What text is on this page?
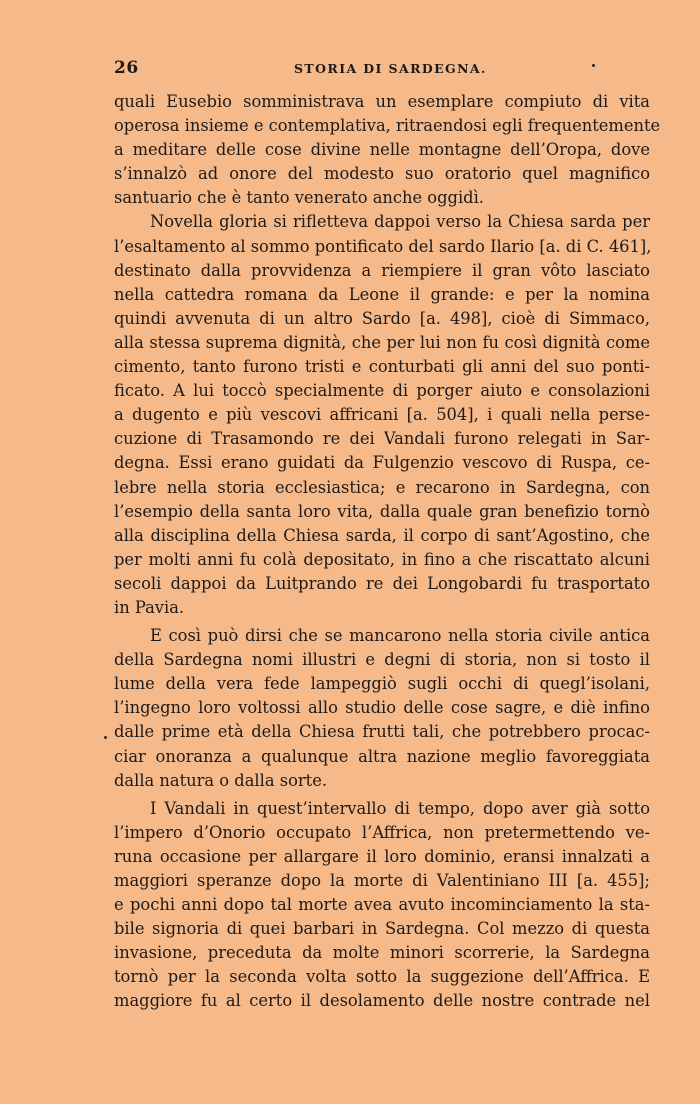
26	STORIA DI SARDEGNA.
quali Eusebio somministrava un esemplare compiuto di vita
operosa insieme e contemplativa, ritraendosi egli frequentemente
a meditare delle cose divine nelle montagne dell’Oropa, dove
s’innalzò ad onore del modesto suo oratorio quel magnifico
santuario che è tanto venerato anche oggidì.
Novella gloria si rifletteva dappoi verso la Chiesa sarda per
l’esaltamento al sommo pontificato del sardo Ilario [a. di C. 461],
destinato dalla provvidenza a riempiere il gran vôto lasciato
nella cattedra romana da Leone il grande: e per la nomina
quindi avvenuta di un altro Sardo [a. 498], cioè di Simmaco,
alla stessa suprema dignità, che per lui non fu così dignità come
cimento, tanto furono tristi e conturbati gli anni del suo ponti-
ficato. A lui toccò specialmente di porger aiuto e consolazioni
a dugento e più vescovi affricani [a. 504], i quali nella perse-
cuzione di Trasamondo re dei Vandali furono relegati in Sar-
degna. Essi erano guidati da Fulgenzio vescovo di Ruspa, ce-
lebre nella storia ecclesiastica; e recarono in Sardegna, con
l’esempio della santa loro vita, dalla quale gran benefizio tornò
alla disciplina della Chiesa sarda, il corpo di sant’Agostino, che
per molti anni fu colà depositato, in fino a che riscattato alcuni
secoli dappoi da Luitprando re dei Longobardi fu trasportato
in Pavia.
E così può dirsi che se mancarono nella storia civile antica
della Sardegna nomi illustri e degni di storia, non si tosto il
lume della vera fede lampeggiò sugli occhi di quegl’isolani,
l’ingegno loro voltossi allo studio delle cose sagre, e diè infino
dalle prime età della Chiesa frutti tali, che potrebbero procac-
ciar onoranza a qualunque altra nazione meglio favoreggiata
dalla natura o dalla sorte.
I Vandali in quest’intervallo di tempo, dopo aver già sotto
l’impero d’Onorio occupato l’Affrica, non pretermettendo ve-
runa occasione per allargare il loro dominio, eransi innalzati a
maggiori speranze dopo la morte di Valentiniano III [a. 455];
e pochi anni dopo tal morte avea avuto incominciamento la sta-
bile signoria di quei barbari in Sardegna. Col mezzo di questa
invasione, preceduta da molte minori scorrerie, la Sardegna
tornò per la seconda volta sotto la suggezione dell’Affrica. E
maggiore fu al certo il desolamento delle nostre contrade nel
